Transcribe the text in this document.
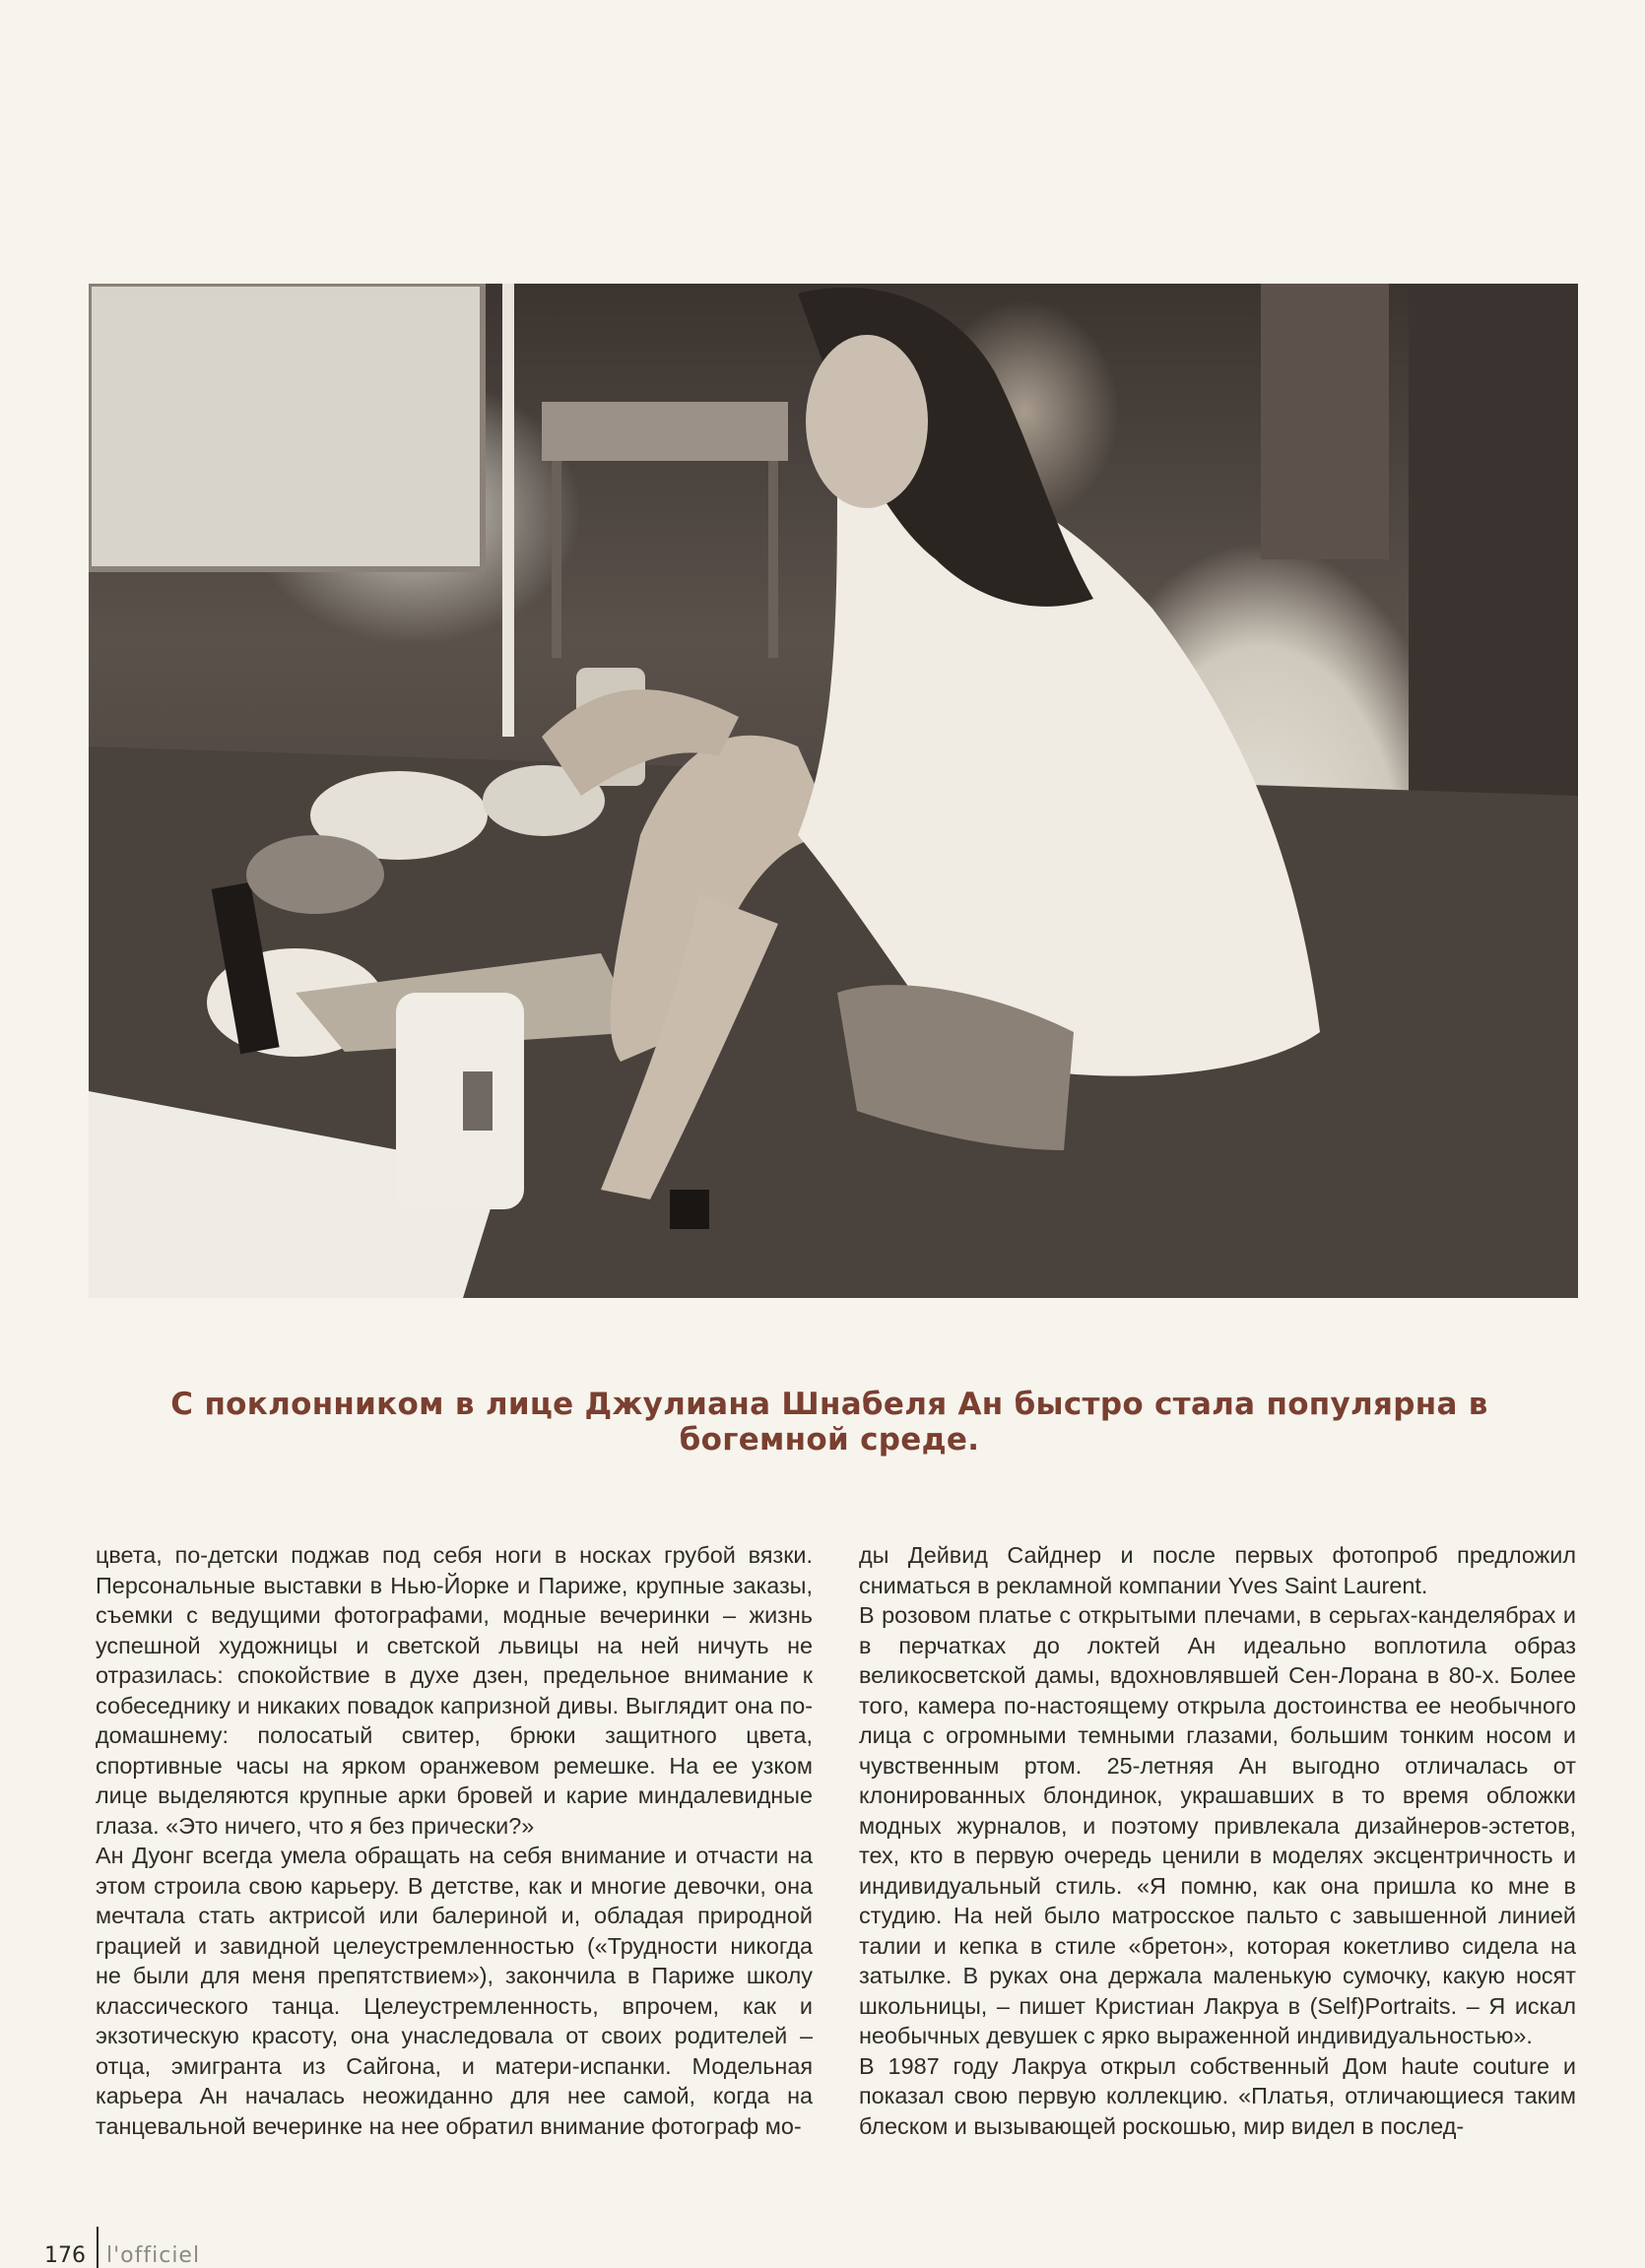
С поклонником в лице Джулиана Шнабеля Ан быстро стала популярна в богемной среде.

цвета, по-детски поджав под себя ноги в носках грубой вязки. Персональные выставки в Нью-Йорке и Париже, крупные заказы, съемки с ведущими фотографами, модные вечеринки – жизнь успешной художницы и светской львицы на ней ничуть не отразилась: спокойствие в духе дзен, предельное внимание к собеседнику и никаких повадок капризной дивы. Выглядит она по-домашнему: полосатый свитер, брюки защитного цвета, спортивные часы на ярком оранжевом ремешке. На ее узком лице выделяются крупные арки бровей и карие миндалевидные глаза. «Это ничего, что я без прически?»

Ан Дуонг всегда умела обращать на себя внимание и отчасти на этом строила свою карьеру. В детстве, как и многие девочки, она мечтала стать актрисой или балериной и, обладая природной грацией и завидной целеустремленностью («Трудности никогда не были для меня препятствием»), закончила в Париже школу классического танца. Целеустремленность, впрочем, как и экзотическую красоту, она унаследовала от своих родителей – отца, эмигранта из Сайгона, и матери-испанки. Модельная карьера Ан началась неожиданно для нее самой, когда на танцевальной вечеринке на нее обратил внимание фотограф мо-

ды Дейвид Сайднер и после первых фотопроб предложил сниматься в рекламной компании Yves Saint Laurent.

В розовом платье с открытыми плечами, в серьгах-канделябрах и в перчатках до локтей Ан идеально воплотила образ великосветской дамы, вдохновлявшей Сен-Лорана в 80-х. Более того, камера по-настоящему открыла достоинства ее необычного лица с огромными темными глазами, большим тонким носом и чувственным ртом. 25-летняя Ан выгодно отличалась от клонированных блондинок, украшавших в то время обложки модных журналов, и поэтому привлекала дизайнеров-эстетов, тех, кто в первую очередь ценили в моделях эксцентричность и индивидуальный стиль. «Я помню, как она пришла ко мне в студию. На ней было матросское пальто с завышенной линией талии и кепка в стиле «бретон», которая кокетливо сидела на затылке. В руках она держала маленькую сумочку, какую носят школьницы, – пишет Кристиан Лакруа в (Self)Portraits. – Я искал необычных девушек с ярко выраженной индивидуальностью».

В 1987 году Лакруа открыл собственный Дом haute couture и показал свою первую коллекцию. «Платья, отличающиеся таким блеском и вызывающей роскошью, мир видел в послед-

176 l'officiel
